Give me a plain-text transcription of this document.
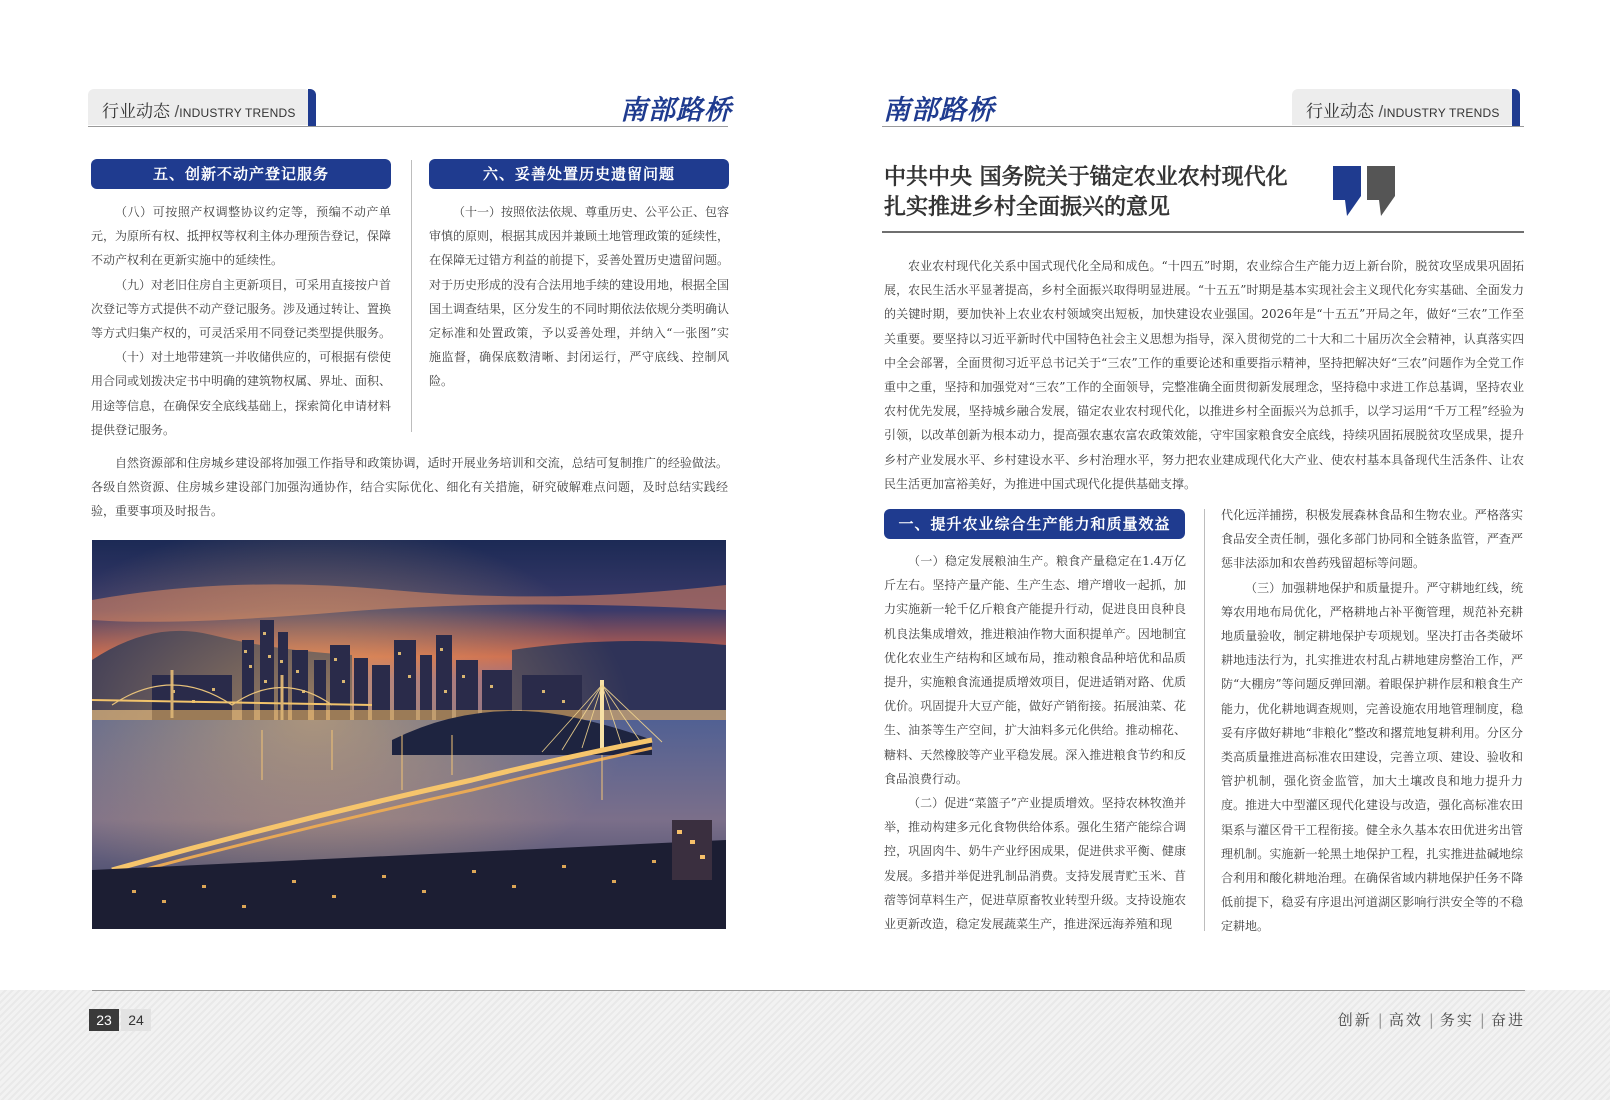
行业动态 /INDUSTRY TRENDS	南部路桥
五、创新不动产登记服务

（八）可按照产权调整协议约定等，预编不动产单元，为原所有权、抵押权等权利主体办理预告登记，保障不动产权利在更新实施中的延续性。

（九）对老旧住房自主更新项目，可采用直接按户首次登记等方式提供不动产登记服务。涉及通过转让、置换等方式归集产权的，可灵活采用不同登记类型提供服务。

（十）对土地带建筑一并收储供应的，可根据有偿使用合同或划拨决定书中明确的建筑物权属、界址、面积、用途等信息，在确保安全底线基础上，探索简化申请材料提供登记服务。

六、妥善处置历史遗留问题

（十一）按照依法依规、尊重历史、公平公正、包容审慎的原则，根据其成因并兼顾土地管理政策的延续性，在保障无过错方利益的前提下，妥善处置历史遗留问题。对于历史形成的没有合法用地手续的建设用地，根据全国国土调查结果，区分发生的不同时期依法依规分类明确认定标准和处置政策，予以妥善处理，并纳入“一张图”实施监督，确保底数清晰、封闭运行，严守底线、控制风险。

自然资源部和住房城乡建设部将加强工作指导和政策协调，适时开展业务培训和交流，总结可复制推广的经验做法。各级自然资源、住房城乡建设部门加强沟通协作，结合实际优化、细化有关措施，研究破解难点问题，及时总结实践经验，重要事项及时报告。

南部路桥	行业动态 /INDUSTRY TRENDS
中共中央 国务院关于锚定农业农村现代化
扎实推进乡村全面振兴的意见

农业农村现代化关系中国式现代化全局和成色。“十四五”时期，农业综合生产能力迈上新台阶，脱贫攻坚成果巩固拓展，农民生活水平显著提高，乡村全面振兴取得明显进展。“十五五”时期是基本实现社会主义现代化夯实基础、全面发力的关键时期，要加快补上农业农村领域突出短板，加快建设农业强国。2026年是“十五五”开局之年，做好“三农”工作至关重要。要坚持以习近平新时代中国特色社会主义思想为指导，深入贯彻党的二十大和二十届历次全会精神，认真落实四中全会部署，全面贯彻习近平总书记关于“三农”工作的重要论述和重要指示精神，坚持把解决好“三农”问题作为全党工作重中之重，坚持和加强党对“三农”工作的全面领导，完整准确全面贯彻新发展理念，坚持稳中求进工作总基调，坚持农业农村优先发展，坚持城乡融合发展，锚定农业农村现代化，以推进乡村全面振兴为总抓手，以学习运用“千万工程”经验为引领，以改革创新为根本动力，提高强农惠农富农政策效能，守牢国家粮食安全底线，持续巩固拓展脱贫攻坚成果，提升乡村产业发展水平、乡村建设水平、乡村治理水平，努力把农业建成现代化大产业、使农村基本具备现代生活条件、让农民生活更加富裕美好，为推进中国式现代化提供基础支撑。

一、提升农业综合生产能力和质量效益

（一）稳定发展粮油生产。粮食产量稳定在1.4万亿斤左右。坚持产量产能、生产生态、增产增收一起抓，加力实施新一轮千亿斤粮食产能提升行动，促进良田良种良机良法集成增效，推进粮油作物大面积提单产。因地制宜优化农业生产结构和区域布局，推动粮食品种培优和品质提升，实施粮食流通提质增效项目，促进适销对路、优质优价。巩固提升大豆产能，做好产销衔接。拓展油菜、花生、油茶等生产空间，扩大油料多元化供给。推动棉花、糖料、天然橡胶等产业平稳发展。深入推进粮食节约和反食品浪费行动。

（二）促进“菜篮子”产业提质增效。坚持农林牧渔并举，推动构建多元化食物供给体系。强化生猪产能综合调控，巩固肉牛、奶牛产业纾困成果，促进供求平衡、健康发展。多措并举促进乳制品消费。支持发展青贮玉米、苜蓿等饲草料生产，促进草原畜牧业转型升级。支持设施农业更新改造，稳定发展蔬菜生产，推进深远海养殖和现

代化远洋捕捞，积极发展森林食品和生物农业。严格落实食品安全责任制，强化多部门协同和全链条监管，严查严惩非法添加和农兽药残留超标等问题。

（三）加强耕地保护和质量提升。严守耕地红线，统筹农用地布局优化，严格耕地占补平衡管理，规范补充耕地质量验收，制定耕地保护专项规划。坚决打击各类破坏耕地违法行为，扎实推进农村乱占耕地建房整治工作，严防“大棚房”等问题反弹回潮。着眼保护耕作层和粮食生产能力，优化耕地调查规则，完善设施农用地管理制度，稳妥有序做好耕地“非粮化”整改和撂荒地复耕利用。分区分类高质量推进高标准农田建设，完善立项、建设、验收和管护机制，强化资金监管，加大土壤改良和地力提升力度。推进大中型灌区现代化建设与改造，强化高标准农田渠系与灌区骨干工程衔接。健全永久基本农田优进劣出管理机制。实施新一轮黑土地保护工程，扎实推进盐碱地综合利用和酸化耕地治理。在确保省域内耕地保护任务不降低前提下，稳妥有序退出河道湖区影响行洪安全等的不稳定耕地。

23	24	创新 | 高效 | 务实 | 奋进
